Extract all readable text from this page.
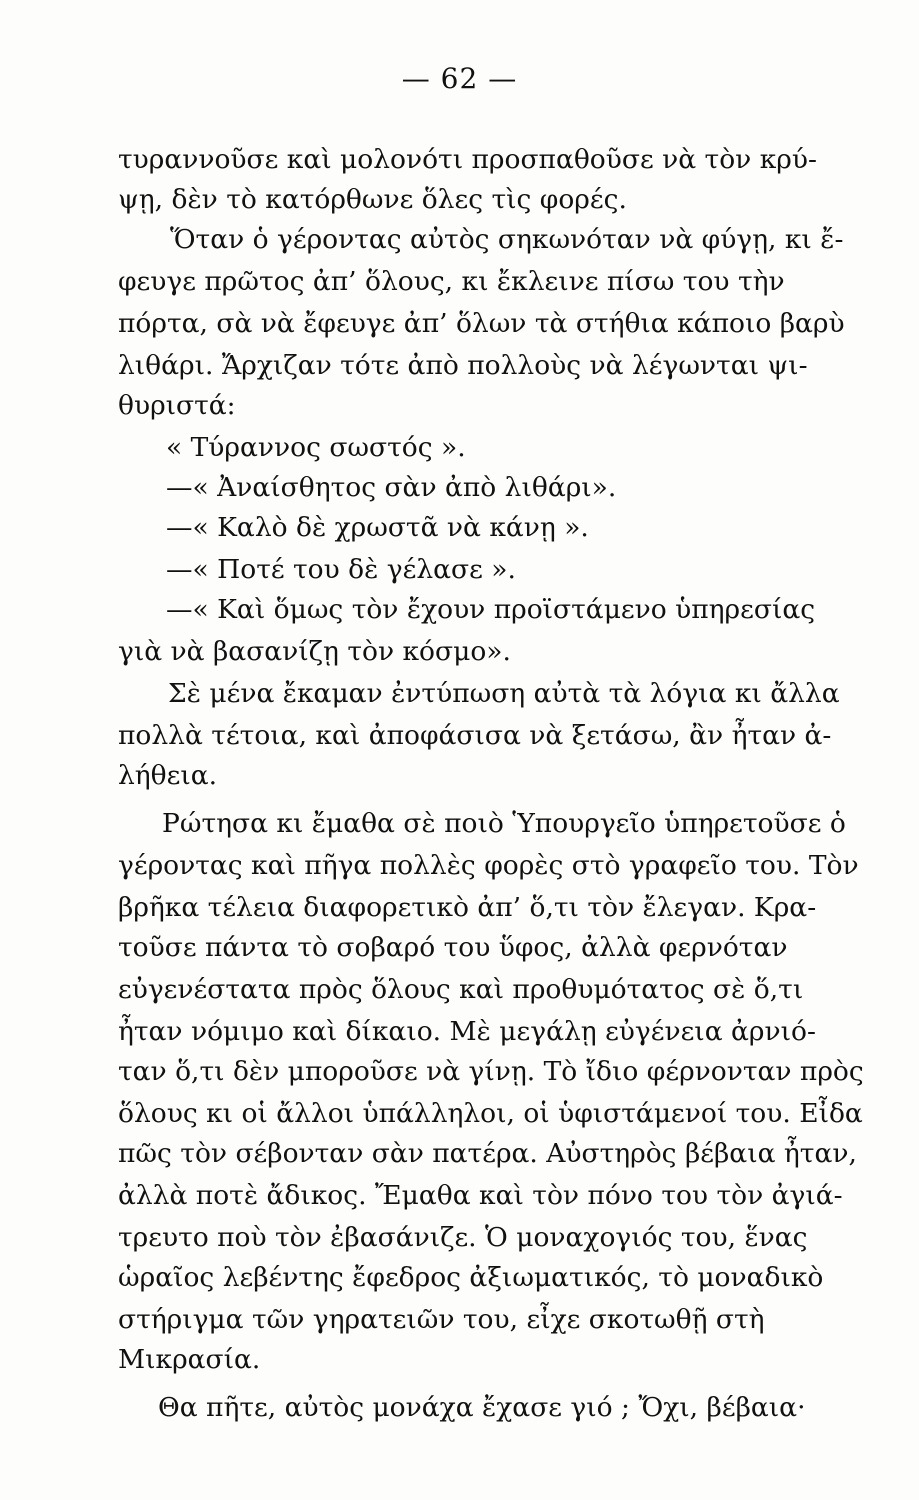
— 62 —
τυραννοῦσε καὶ μολονότι προσπαθοῦσε νὰ τὸν κρύ-
ψῃ, δὲν τὸ κατόρθωνε ὅλες τὶς φορές.
Ὅταν ὁ γέροντας αὐτὸς σηκωνόταν νὰ φύγῃ, κι ἔ-
φευγε πρῶτος ἀπ’ ὅλους, κι ἔκλεινε πίσω του τὴν
πόρτα, σὰ νὰ ἔφευγε ἀπ’ ὅλων τὰ στήθια κάποιο βαρὺ
λιθάρι. Ἄρχιζαν τότε ἀπὸ πολλοὺς νὰ λέγωνται ψι-
θυριστά:
« Τύραννος σωστός ».
—« Ἀναίσθητος σὰν ἀπὸ λιθάρι».
—« Καλὸ δὲ χρωστᾶ νὰ κάνῃ ».
—« Ποτέ του δὲ γέλασε ».
—« Καὶ ὅμως τὸν ἔχουν προϊστάμενο ὑπηρεσίας
γιὰ νὰ βασανίζῃ τὸν κόσμο».
Σὲ μένα ἔκαμαν ἐντύπωση αὐτὰ τὰ λόγια κι ἄλλα
πολλὰ τέτοια, καὶ ἀποφάσισα νὰ ξετάσω, ἂν ἦταν ἀ-
λήθεια.
Ρώτησα κι ἔμαθα σὲ ποιὸ Ὑπουργεῖο ὑπηρετοῦσε ὁ
γέροντας καὶ πῆγα πολλὲς φορὲς στὸ γραφεῖο του. Τὸν
βρῆκα τέλεια διαφορετικὸ ἀπ’ ὅ,τι τὸν ἔλεγαν. Κρα-
τοῦσε πάντα τὸ σοβαρό του ὕφος, ἀλλὰ φερνόταν
εὐγενέστατα πρὸς ὅλους καὶ προθυμότατος σὲ ὅ,τι
ἦταν νόμιμο καὶ δίκαιο. Μὲ μεγάλῃ εὐγένεια ἀρνιό-
ταν ὅ,τι δὲν μποροῦσε νὰ γίνῃ. Τὸ ἴδιο φέρνονταν πρὸς
ὅλους κι οἱ ἄλλοι ὑπάλληλοι, οἱ ὑφιστάμενοί του. Εἶδα
πῶς τὸν σέβονταν σὰν πατέρα. Αὐστηρὸς βέβαια ἦταν,
ἀλλὰ ποτὲ ἄδικος. Ἔμαθα καὶ τὸν πόνο του τὸν ἀγιά-
τρευτο ποὺ τὸν ἐβασάνιζε. Ὁ μοναχογιός του, ἕνας
ὡραῖος λεβέντης ἔφεδρος ἀξιωματικός, τὸ μοναδικὸ
στήριγμα τῶν γηρατειῶν του, εἶχε σκοτωθῇ στὴ
Μικρασία.
Θα πῆτε, αὐτὸς μονάχα ἔχασε γιό ; Ὄχι, βέβαια·
